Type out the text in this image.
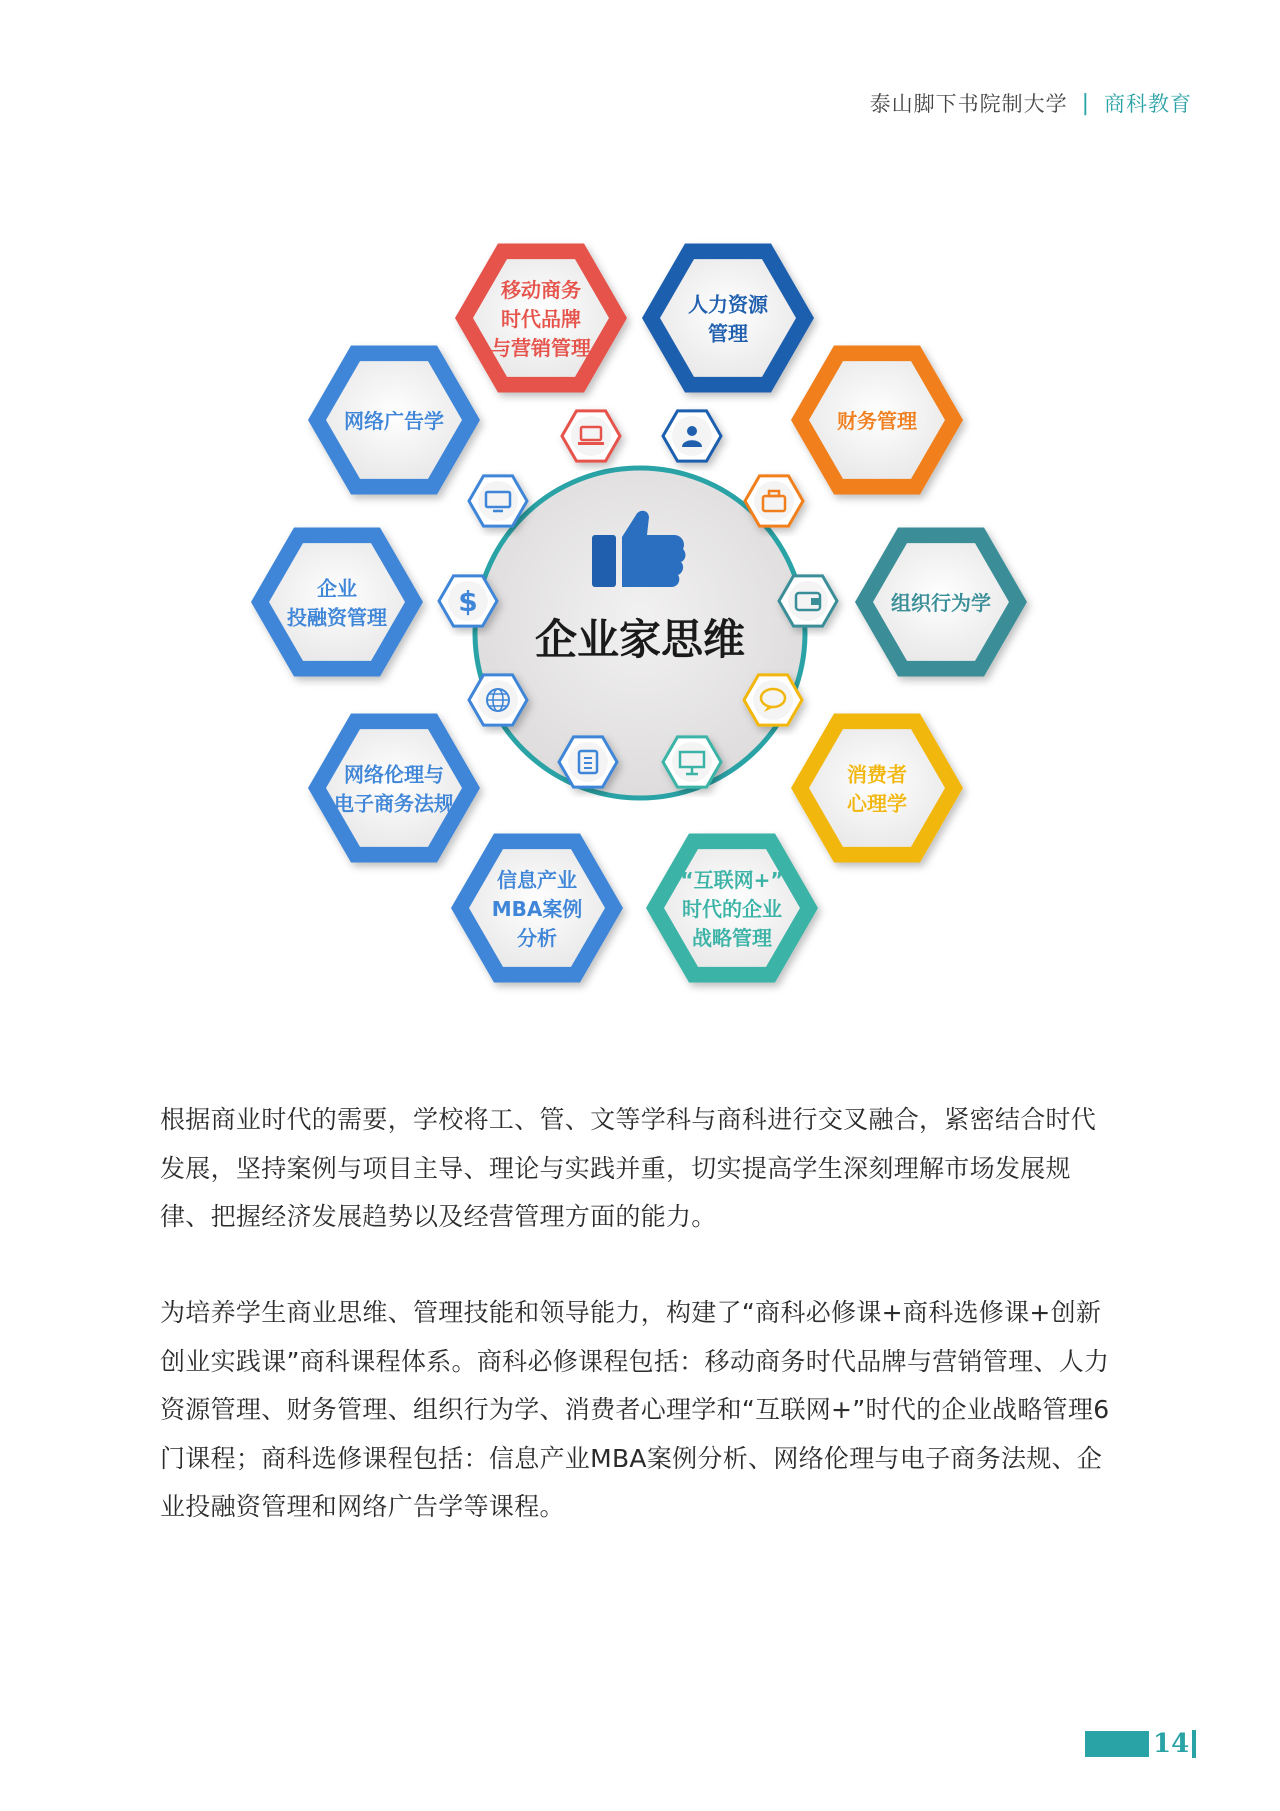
泰山脚下书院制大学 | 商科教育
$
企业家思维
移动商务
时代品牌
与营销管理
人力资源
管理
财务管理
组织行为学
消费者
心理学
“互联网+”
时代的企业
战略管理
信息产业
MBA案例
分析
网络伦理与
电子商务法规
企业
投融资管理
网络广告学

根据商业时代的需要，学校将工、管、文等学科与商科进行交叉融合，紧密结合时代发展，坚持案例与项目主导、理论与实践并重，切实提高学生深刻理解市场发展规律、把握经济发展趋势以及经营管理方面的能力。

为培养学生商业思维、管理技能和领导能力，构建了“商科必修课+商科选修课+创新创业实践课”商科课程体系。商科必修课程包括：移动商务时代品牌与营销管理、人力资源管理、财务管理、组织行为学、消费者心理学和“互联网+”时代的企业战略管理6门课程；商科选修课程包括：信息产业MBA案例分析、网络伦理与电子商务法规、企业投融资管理和网络广告学等课程。

14
